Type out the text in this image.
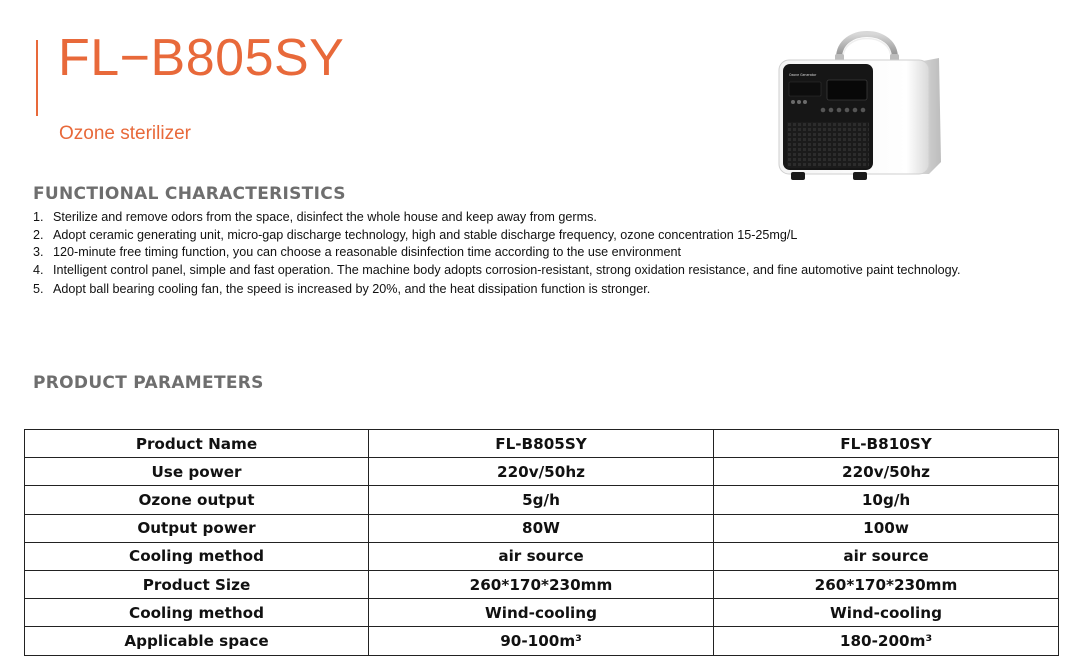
FL−B805SY
Ozone sterilizer
Ozone Generator
FUNCTIONAL CHARACTERISTICS
1. Sterilize and remove odors from the space, disinfect the whole house and keep away from germs.
2. Adopt ceramic generating unit, micro-gap discharge technology, high and stable discharge frequency, ozone concentration 15-25mg/L
3. 120-minute free timing function, you can choose a reasonable disinfection time according to the use environment
4. Intelligent control panel, simple and fast operation. The machine body adopts corrosion-resistant, strong oxidation resistance, and fine automotive paint technology.
5. Adopt ball bearing cooling fan, the speed is increased by 20%, and the heat dissipation function is stronger.
PRODUCT PARAMETERS
Product Name	FL-B805SY	FL-B810SY
Use power	220v/50hz	220v/50hz
Ozone output	5g/h	10g/h
Output power	80W	100w
Cooling method	air source	air source
Product Size	260*170*230mm	260*170*230mm
Cooling method	Wind-cooling	Wind-cooling
Applicable space	90-100m³	180-200m³
